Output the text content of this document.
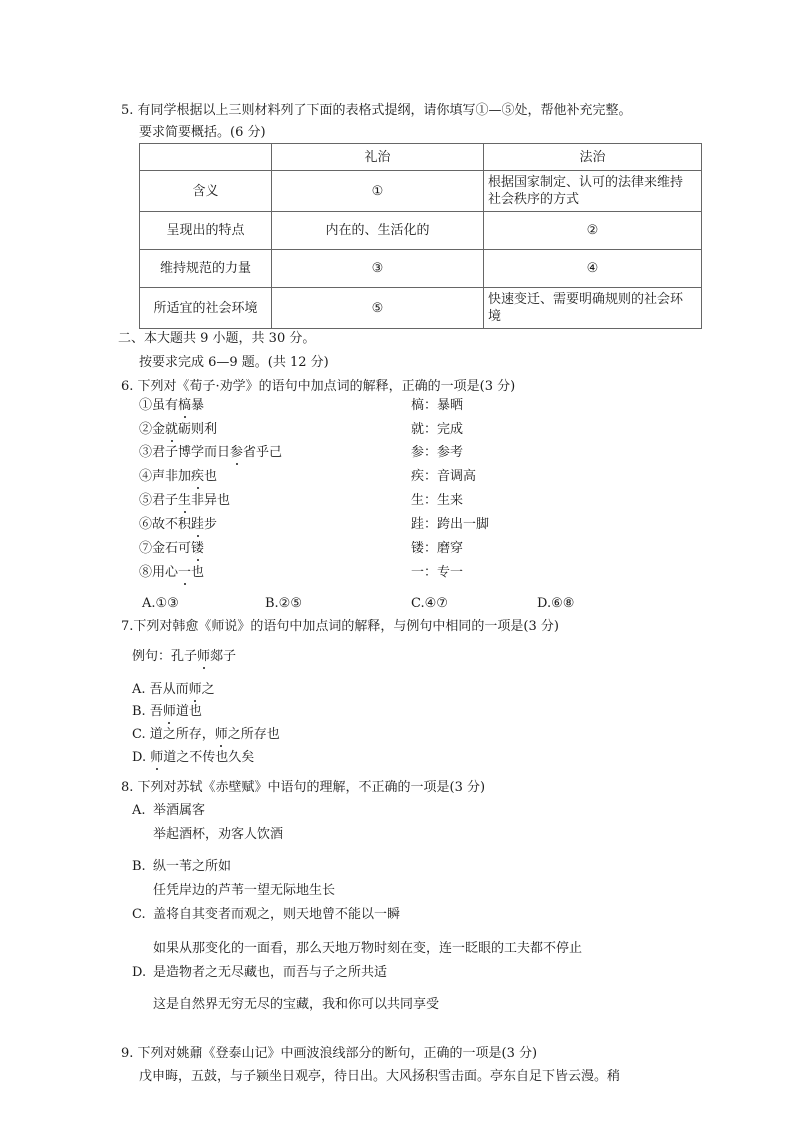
5. 有同学根据以上三则材料列了下面的表格式提纲，请你填写①—⑤处，帮他补充完整。
要求简要概括。(6 分)
	礼治	法治
含义	①	根据国家制定、认可的法律来维持
社会秩序的方式

呈现出的特点	内在的、生活化的	②
维持规范的力量	③	④
所适宜的社会环境	⑤	快速变迁、需要明确规则的社会环
境
二、本大题共 9 小题，共 30 分。
按要求完成 6—9 题。(共 12 分)
6. 下列对《荀子·劝学》的语句中加点词的解释，正确的一项是(3 分)
①虽有槁暴	槁：暴晒
②金就砺则利	就：完成
③君子博学而日参省乎己	参：参考
④声非加疾也	疾：音调高
⑤君子生非异也	生：生来
⑥故不积跬步	跬：跨出一脚
⑦金石可镂	镂：磨穿
⑧用心一也	一：专一
A.①③	B.②⑤	C.④⑦	D.⑥⑧
7.下列对韩愈《师说》的语句中加点词的解释，与例句中相同的一项是(3 分)
例句：孔子师郯子
A. 吾从而师之
B. 吾师道也
C. 道之所存，师之所存也
D. 师道之不传也久矣
8. 下列对苏轼《赤壁赋》中语句的理解，不正确的一项是(3 分)
A. 举酒属客
举起酒杯，劝客人饮酒
B. 纵一苇之所如
任凭岸边的芦苇一望无际地生长
C. 盖将自其变者而观之，则天地曾不能以一瞬
如果从那变化的一面看，那么天地万物时刻在变，连一眨眼的工夫都不停止
D. 是造物者之无尽藏也，而吾与子之所共适
这是自然界无穷无尽的宝藏，我和你可以共同享受
9. 下列对姚鼐《登泰山记》中画波浪线部分的断句，正确的一项是(3 分)
戊申晦，五鼓，与子颍坐日观亭，待日出。大风扬积雪击面。亭东自足下皆云漫。稍
